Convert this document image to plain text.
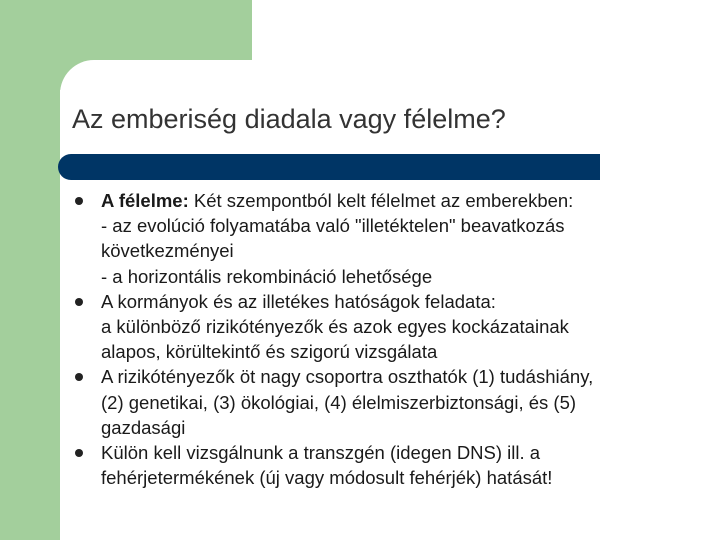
Az emberiség diadala vagy félelme?
A félelme: Két szempontból kelt félelmet az emberekben:
- az evolúció folyamatába való "illetéktelen" beavatkozás
következményei
- a horizontális rekombináció lehetősége
A kormányok és az illetékes hatóságok feladata:
a különböző rizikótényezők és azok egyes kockázatainak
alapos, körültekintő és szigorú vizsgálata
A rizikótényezők öt nagy csoportra oszthatók (1) tudáshiány,
(2) genetikai, (3) ökológiai, (4) élelmiszerbiztonsági, és (5)
gazdasági
Külön kell vizsgálnunk a transzgén (idegen DNS) ill. a
fehérjetermékének (új vagy módosult fehérjék) hatását!
